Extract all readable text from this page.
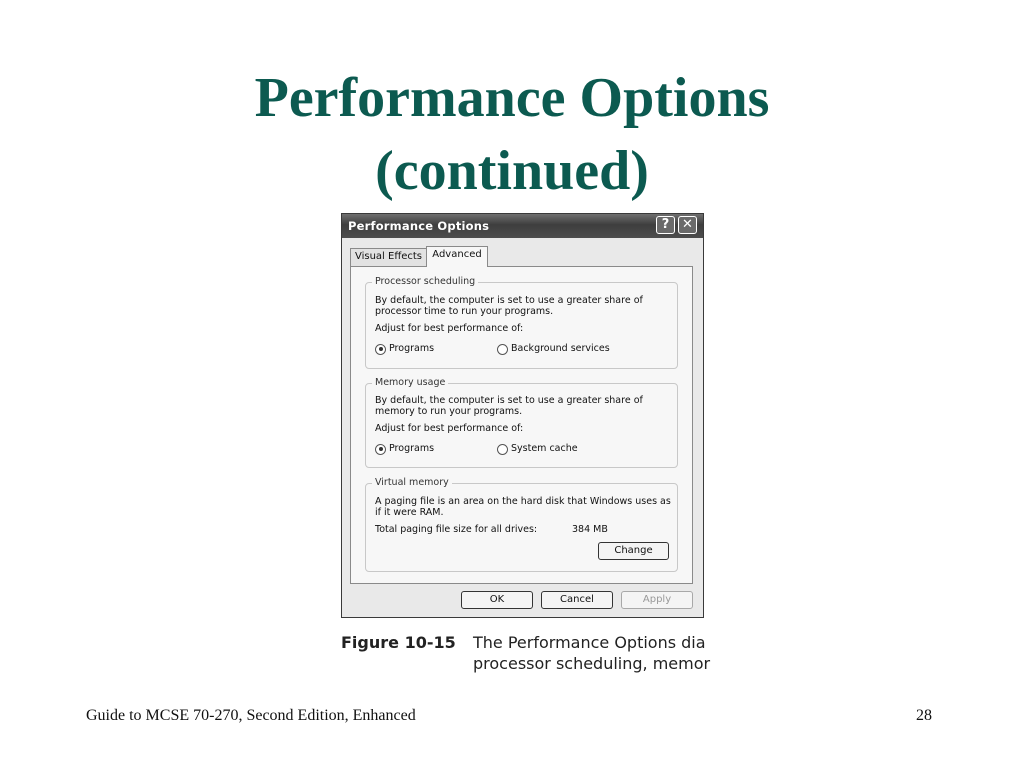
Performance Options
(continued)
Performance Options	? ✕
Visual Effects	Advanced
Processor scheduling
By default, the computer is set to use a greater share of
processor time to run your programs.
Adjust for best performance of:
Programs	Background services
Memory usage
By default, the computer is set to use a greater share of
memory to run your programs.
Adjust for best performance of:
Programs	System cache
Virtual memory
A paging file is an area on the hard disk that Windows uses as
if it were RAM.
Total paging file size for all drives:	384 MB
Change
OK	Cancel	Apply
Figure 10-15 The Performance Options dia
processor scheduling, memor
Guide to MCSE 70-270, Second Edition, Enhanced	28
